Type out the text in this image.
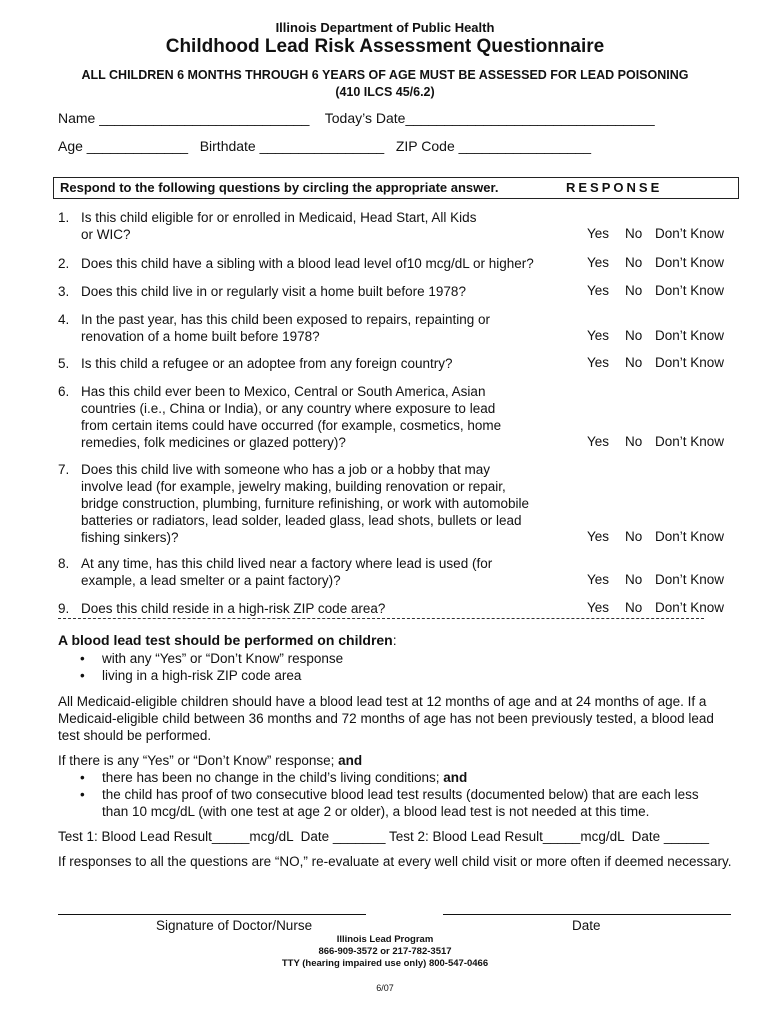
Illinois Department of Public Health
Childhood Lead Risk Assessment Questionnaire
ALL CHILDREN 6 MONTHS THROUGH 6 YEARS OF AGE MUST BE ASSESSED FOR LEAD POISONING
(410 ILCS 45/6.2)
Name ___________________________    Today’s Date________________________________
Age _____________   Birthdate ________________   ZIP Code _________________
Respond to the following questions by circling the appropriate answer.	RESPONSE
1. Is this child eligible for or enrolled in Medicaid, Head Start, All Kids
or WIC?	Yes No Don’t Know
2. Does this child have a sibling with a blood lead level of10 mcg/dL or higher?	Yes No Don’t Know
3. Does this child live in or regularly visit a home built before 1978?	Yes No Don’t Know
4. In the past year, has this child been exposed to repairs, repainting or
renovation of a home built before 1978?	Yes No Don’t Know
5. Is this child a refugee or an adoptee from any foreign country?	Yes No Don’t Know
6. Has this child ever been to Mexico, Central or South America, Asian
countries (i.e., China or India), or any country where exposure to lead
from certain items could have occurred (for example, cosmetics, home
remedies, folk medicines or glazed pottery)?	Yes No Don’t Know
7. Does this child live with someone who has a job or a hobby that may
involve lead (for example, jewelry making, building renovation or repair,
bridge construction, plumbing, furniture refinishing, or work with automobile
batteries or radiators, lead solder, leaded glass, lead shots, bullets or lead
fishing sinkers)?	Yes No Don’t Know
8. At any time, has this child lived near a factory where lead is used (for
example, a lead smelter or a paint factory)?	Yes No Don’t Know
9. Does this child reside in a high-risk ZIP code area?	Yes No Don’t Know
A blood lead test should be performed on children:
• with any “Yes” or “Don’t Know” response
• living in a high-risk ZIP code area
All Medicaid-eligible children should have a blood lead test at 12 months of age and at 24 months of age. If a Medicaid-eligible child between 36 months and 72 months of age has not been previously tested, a blood lead test should be performed.
If there is any “Yes” or “Don’t Know” response; and
• there has been no change in the child’s living conditions; and
• the child has proof of two consecutive blood lead test results (documented below) that are each less
than 10 mcg/dL (with one test at age 2 or older), a blood lead test is not needed at this time.
Test 1: Blood Lead Result_____mcg/dL  Date _______ Test 2: Blood Lead Result_____mcg/dL  Date ______
If responses to all the questions are “NO,” re-evaluate at every well child visit or more often if deemed necessary.
Signature of Doctor/Nurse	Date
Illinois Lead Program
866-909-3572 or 217-782-3517
TTY (hearing impaired use only) 800-547-0466
6/07
